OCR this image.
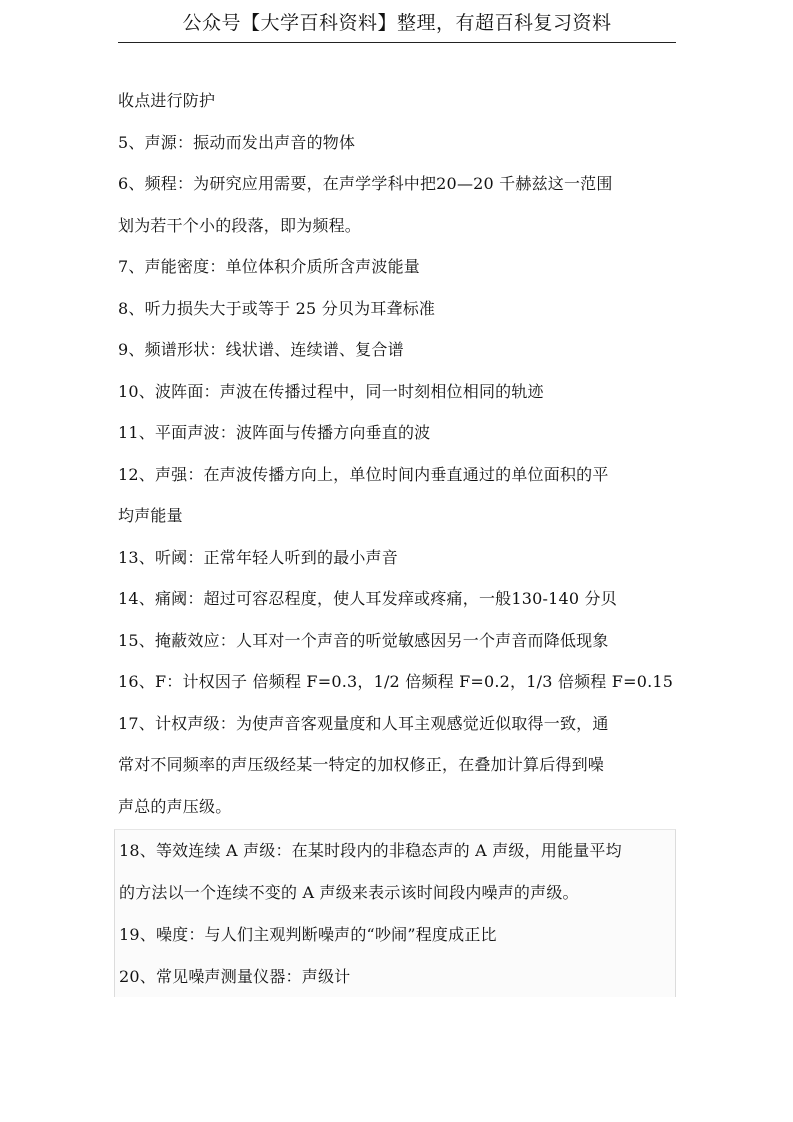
公众号【大学百科资料】整理，有超百科复习资料
收点进行防护
5、声源：振动而发出声音的物体
6、频程：为研究应用需要，在声学学科中把20—20 千赫兹这一范围
划为若干个小的段落，即为频程。
7、声能密度：单位体积介质所含声波能量
8、听力损失大于或等于 25 分贝为耳聋标准
9、频谱形状：线状谱、连续谱、复合谱
10、波阵面：声波在传播过程中，同一时刻相位相同的轨迹
11、平面声波：波阵面与传播方向垂直的波
12、声强：在声波传播方向上，单位时间内垂直通过的单位面积的平
均声能量
13、听阈：正常年轻人听到的最小声音
14、痛阈：超过可容忍程度，使人耳发痒或疼痛，一般130-140 分贝
15、掩蔽效应：人耳对一个声音的听觉敏感因另一个声音而降低现象
16、F：计权因子 倍频程 F=0.3，1/2 倍频程 F=0.2，1/3 倍频程 F=0.15
17、计权声级：为使声音客观量度和人耳主观感觉近似取得一致，通
常对不同频率的声压级经某一特定的加权修正，在叠加计算后得到噪
声总的声压级。
18、等效连续 A 声级：在某时段内的非稳态声的 A 声级，用能量平均
的方法以一个连续不变的 A 声级来表示该时间段内噪声的声级。
19、噪度：与人们主观判断噪声的“吵闹”程度成正比
20、常见噪声测量仪器：声级计
